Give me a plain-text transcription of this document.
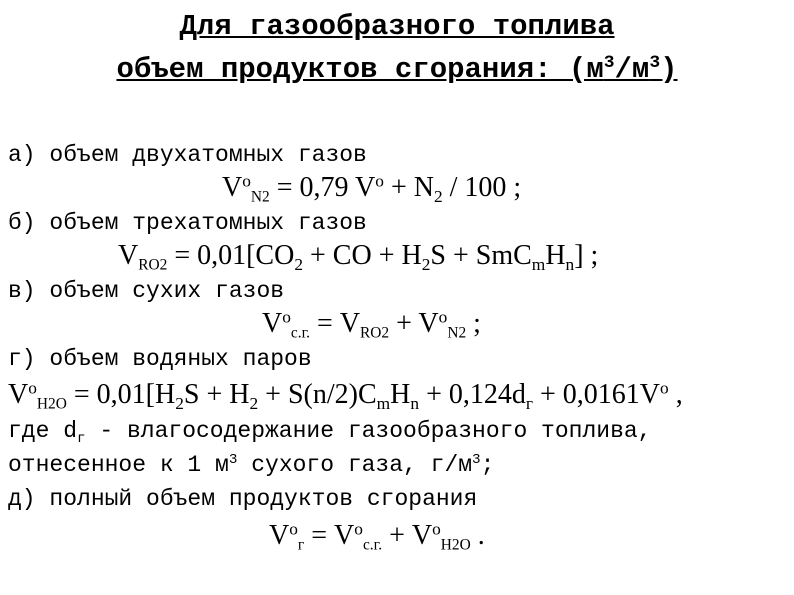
Для газообразного топлива
объем продуктов сгорания: $(м^3/м^3)$
а) объем двухатомных газов
$V^o_{N2} = 0,79$ $V^o + N_2 / 100$ ;
б) объем трехатомных газов
$V_{RO2} = 0,01[CO_2$ + CO + $H_2S + SmC_mH_n$] ;
в) объем сухих газов
$V^o_{с.г.} = V_{RO2} + V^o_{N2}$ ;
г) объем водяных паров
$V^o_{H2O} = 0,01[H_2S + H_2 + S(n/2)C_mH_n + 0,124d_г + 0,0161V^o$ ,
где $d_г$ - влагосодержание газообразного топлива,
отнесенное к 1 $м^3$ сухого газа, $г/м^3$;
д) полный объем продуктов сгорания
$V^o_г = V^o_{с.г.} + V^o_{H2O}$ .
